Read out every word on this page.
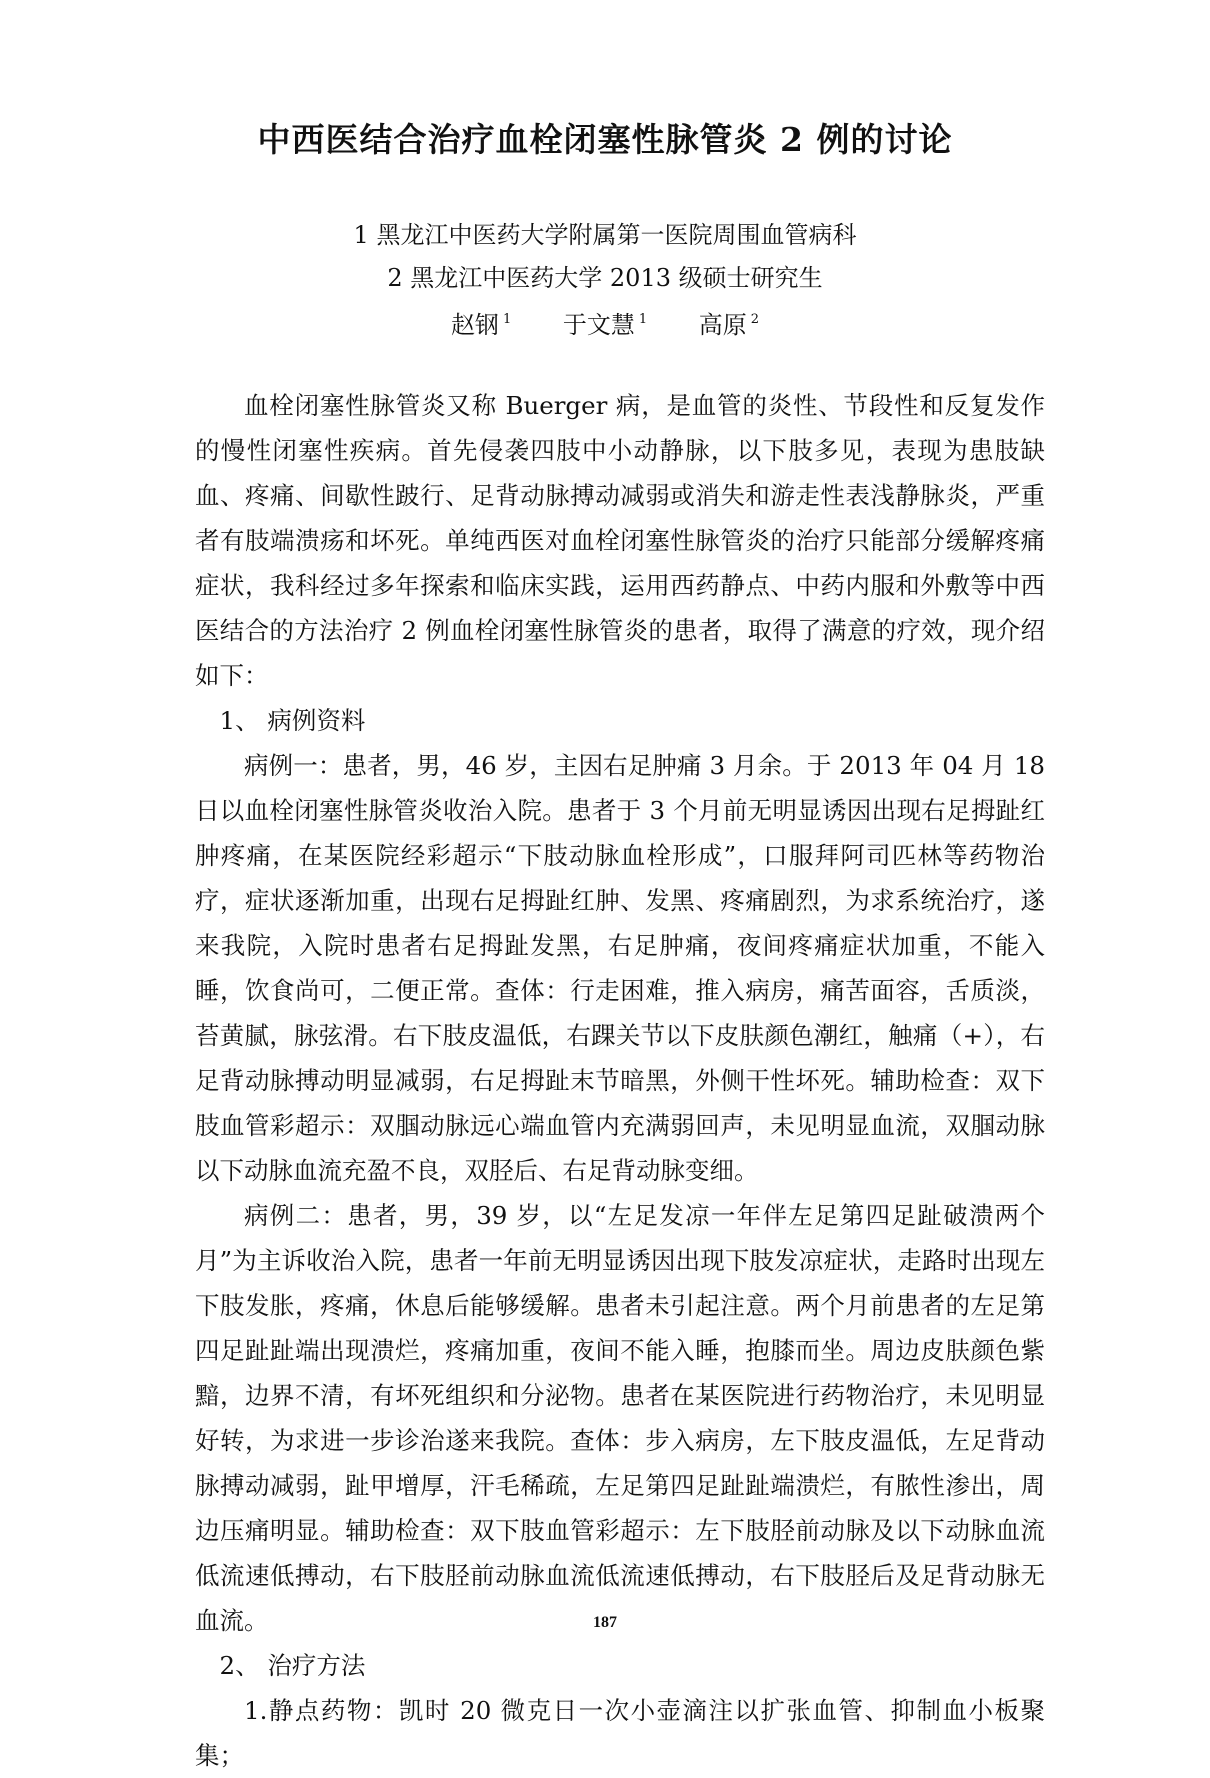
中西医结合治疗血栓闭塞性脉管炎 2 例的讨论
1 黑龙江中医药大学附属第一医院周围血管病科
2 黑龙江中医药大学 2013 级硕士研究生
赵钢 $^1$ 于文慧 $^1$ 高原 $^2$

血栓闭塞性脉管炎又称 Buerger 病，是血管的炎性、节段性和反复发作的慢性闭塞性疾病。首先侵袭四肢中小动静脉，以下肢多见，表现为患肢缺血、疼痛、间歇性跛行、足背动脉搏动减弱或消失和游走性表浅静脉炎，严重者有肢端溃疡和坏死。单纯西医对血栓闭塞性脉管炎的治疗只能部分缓解疼痛症状，我科经过多年探索和临床实践，运用西药静点、中药内服和外敷等中西医结合的方法治疗 2 例血栓闭塞性脉管炎的患者，取得了满意的疗效，现介绍如下：

1、 病例资料

病例一：患者，男，46 岁，主因右足肿痛 3 月余。于 2013 年 04 月 18 日以血栓闭塞性脉管炎收治入院。患者于 3 个月前无明显诱因出现右足拇趾红肿疼痛，在某医院经彩超示“下肢动脉血栓形成”，口服拜阿司匹林等药物治疗，症状逐渐加重，出现右足拇趾红肿、发黑、疼痛剧烈，为求系统治疗，遂来我院，入院时患者右足拇趾发黑，右足肿痛，夜间疼痛症状加重，不能入睡，饮食尚可，二便正常。查体：行走困难，推入病房，痛苦面容，舌质淡，苔黄腻，脉弦滑。右下肢皮温低，右踝关节以下皮肤颜色潮红，触痛（+），右足背动脉搏动明显减弱，右足拇趾末节暗黑，外侧干性坏死。辅助检查：双下肢血管彩超示：双腘动脉远心端血管内充满弱回声，未见明显血流，双腘动脉以下动脉血流充盈不良，双胫后、右足背动脉变细。

病例二：患者，男，39 岁，以“左足发凉一年伴左足第四足趾破溃两个月”为主诉收治入院，患者一年前无明显诱因出现下肢发凉症状，走路时出现左下肢发胀，疼痛，休息后能够缓解。患者未引起注意。两个月前患者的左足第四足趾趾端出现溃烂，疼痛加重，夜间不能入睡，抱膝而坐。周边皮肤颜色紫黯，边界不清，有坏死组织和分泌物。患者在某医院进行药物治疗，未见明显好转，为求进一步诊治遂来我院。查体：步入病房，左下肢皮温低，左足背动脉搏动减弱，趾甲增厚，汗毛稀疏，左足第四足趾趾端溃烂，有脓性渗出，周边压痛明显。辅助检查：双下肢血管彩超示：左下肢胫前动脉及以下动脉血流低流速低搏动，右下肢胫前动脉血流低流速低搏动，右下肢胫后及足背动脉无血流。

2、 治疗方法

1.静点药物：凯时 20 微克日一次小壶滴注以扩张血管、抑制血小板聚集；

187
